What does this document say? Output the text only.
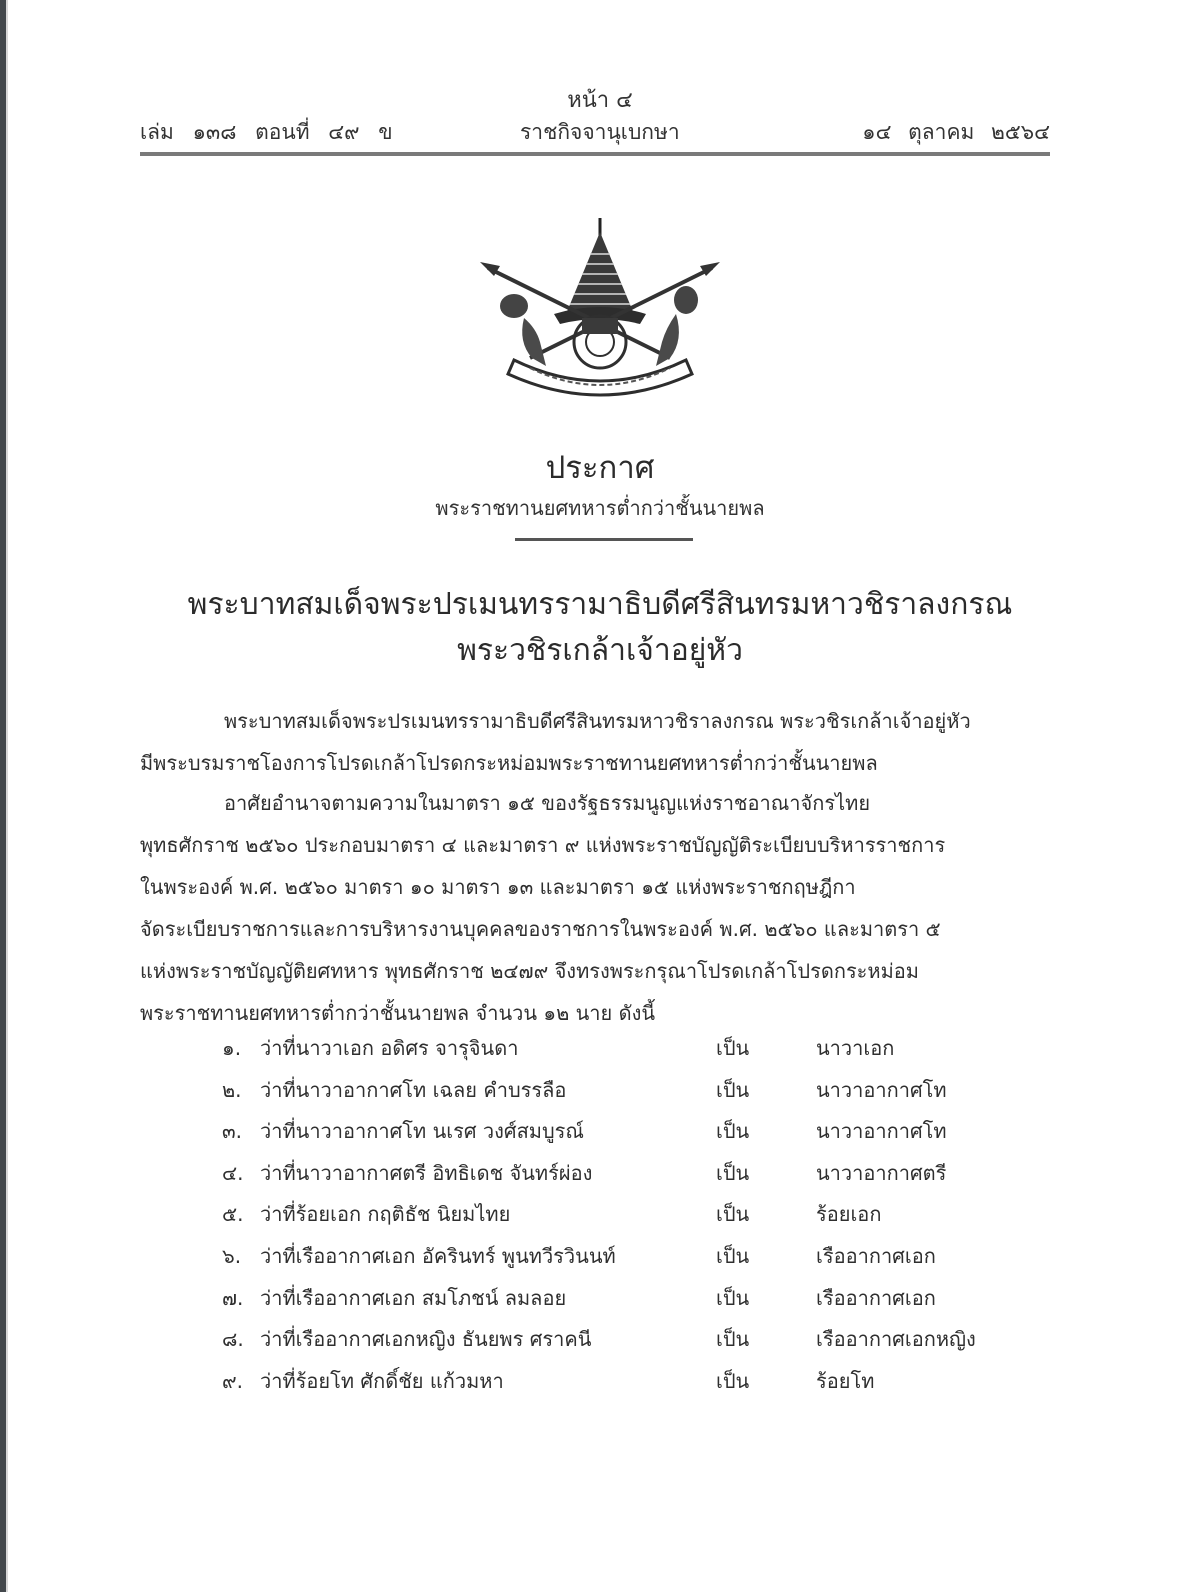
หน้า ๔
เล่ม ๑๓๘ ตอนที่ ๔๙ ข	ราชกิจจานุเบกษา	๑๔ ตุลาคม ๒๕๖๔
ประกาศ
พระราชทานยศทหารต่ำกว่าชั้นนายพล
พระบาทสมเด็จพระปรเมนทรรามาธิบดีศรีสินทรมหาวชิราลงกรณ
พระวชิรเกล้าเจ้าอยู่หัว
พระบาทสมเด็จพระปรเมนทรรามาธิบดีศรีสินทรมหาวชิราลงกรณ พระวชิรเกล้าเจ้าอยู่หัว
มีพระบรมราชโองการโปรดเกล้าโปรดกระหม่อมพระราชทานยศทหารต่ำกว่าชั้นนายพล
อาศัยอำนาจตามความในมาตรา ๑๕ ของรัฐธรรมนูญแห่งราชอาณาจักรไทย
พุทธศักราช ๒๕๖๐ ประกอบมาตรา ๔ และมาตรา ๙ แห่งพระราชบัญญัติระเบียบบริหารราชการ
ในพระองค์ พ.ศ. ๒๕๖๐ มาตรา ๑๐ มาตรา ๑๓ และมาตรา ๑๕ แห่งพระราชกฤษฎีกา
จัดระเบียบราชการและการบริหารงานบุคคลของราชการในพระองค์ พ.ศ. ๒๕๖๐ และมาตรา ๕
แห่งพระราชบัญญัติยศทหาร พุทธศักราช ๒๔๗๙ จึงทรงพระกรุณาโปรดเกล้าโปรดกระหม่อม
พระราชทานยศทหารต่ำกว่าชั้นนายพล จำนวน ๑๒ นาย ดังนี้
๑. ว่าที่นาวาเอก อดิศร จารุจินดา	เป็น	นาวาเอก
๒. ว่าที่นาวาอากาศโท เฉลย คำบรรลือ	เป็น	นาวาอากาศโท
๓. ว่าที่นาวาอากาศโท นเรศ วงศ์สมบูรณ์	เป็น	นาวาอากาศโท
๔. ว่าที่นาวาอากาศตรี อิทธิเดช จันทร์ผ่อง	เป็น	นาวาอากาศตรี
๕. ว่าที่ร้อยเอก กฤติธัช นิยมไทย	เป็น	ร้อยเอก
๖. ว่าที่เรืออากาศเอก อัครินทร์ พูนทวีรวินนท์	เป็น	เรืออากาศเอก
๗. ว่าที่เรืออากาศเอก สมโภชน์ ลมลอย	เป็น	เรืออากาศเอก
๘. ว่าที่เรืออากาศเอกหญิง ธันยพร ศราคนี	เป็น	เรืออากาศเอกหญิง
๙. ว่าที่ร้อยโท ศักดิ์ชัย แก้วมหา	เป็น	ร้อยโท
